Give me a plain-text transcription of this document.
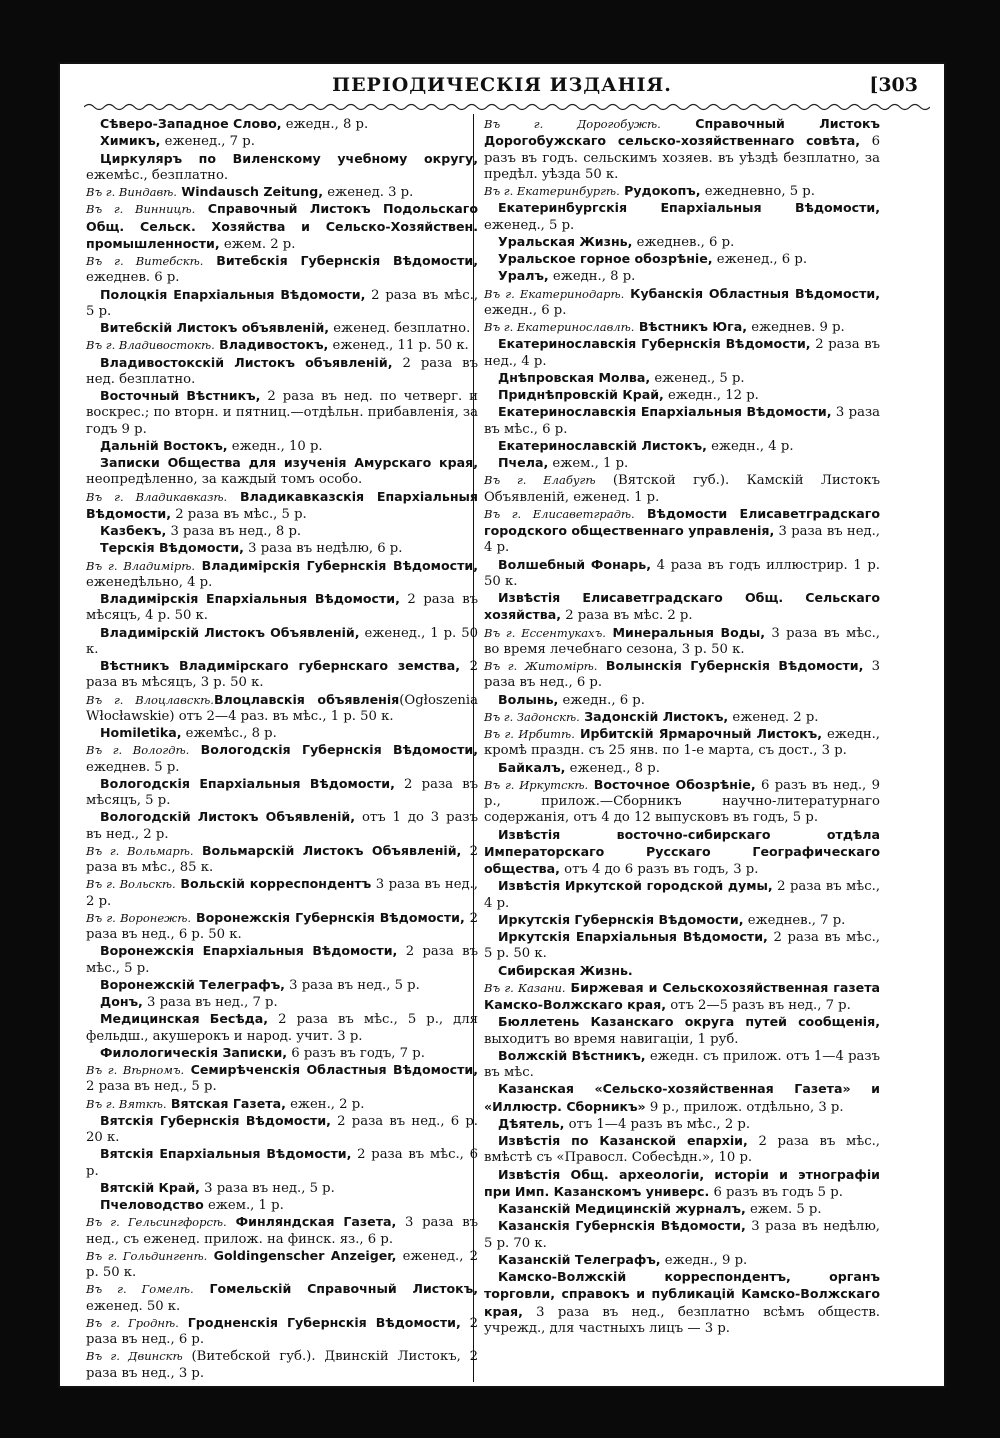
ПЕРІОДИЧЕСКІЯ ИЗДАНІЯ.	[303

Сѣверо-Западное Слово, ежедн., 8 р.

Химикъ, еженед., 7 р.

Циркуляръ по Виленскому учебному округу, ежемѣс., безплатно.

Въ г. Виндавѣ. Windausch Zeitung, еженед. 3 р.

Въ г. Винницѣ. Справочный Листокъ Подольскаго Общ. Сельск. Хозяйства и Сельско-Хозяйствен. промышленности, ежем. 2 р.

Въ г. Витебскѣ. Витебскія Губернскія Вѣдомости, ежеднев. 6 р.

Полоцкія Епархіальныя Вѣдомости, 2 раза въ мѣс., 5 р.

Витебскій Листокъ объявленій, еженед. безплатно.

Въ г. Владивостокѣ. Владивостокъ, еженед., 11 р. 50 к.

Владивостокскій Листокъ объявленій, 2 раза въ нед. безплатно.

Восточный Вѣстникъ, 2 раза въ нед. по четверг. и воскрес.; по вторн. и пятниц.—отдѣльн. прибавленія, за годъ 9 р.

Дальній Востокъ, ежедн., 10 р.

Записки Общества для изученія Амурскаго края, неопредѣленно, за каждый томъ особо.

Въ г. Владикавказѣ. Владикавказскія Епархіальныя Вѣдомости, 2 раза въ мѣс., 5 р.

Казбекъ, 3 раза въ нед., 8 р.

Терскія Вѣдомости, 3 раза въ недѣлю, 6 р.

Въ г. Владимірѣ. Владимірскія Губернскія Вѣдомости, еженедѣльно, 4 р.

Владимірскія Епархіальныя Вѣдомости, 2 раза въ мѣсяцъ, 4 р. 50 к.

Владимірскій Листокъ Объявленій, еженед., 1 р. 50 к.

Вѣстникъ Владимірскаго губернскаго земства, 2 раза въ мѣсяцъ, 3 р. 50 к.

Въ г. Влоцлавскѣ.Влоцлавскія объявленія(Ogłoszenia Włocławskie) отъ 2—4 раз. въ мѣс., 1 р. 50 к.

Homiletika, ежемѣс., 8 р.

Въ г. Вологдѣ. Вологодскія Губернскія Вѣдомости, ежеднев. 5 р.

Вологодскія Епархіальныя Вѣдомости, 2 раза въ мѣсяцъ, 5 р.

Вологодскій Листокъ Объявленій, отъ 1 до 3 разъ въ нед., 2 р.

Въ г. Вольмарѣ. Вольмарскій Листокъ Объявленій, 2 раза въ мѣс., 85 к.

Въ г. Вольскѣ. Вольскій корреспондентъ 3 раза въ нед., 2 р.

Въ г. Воронежѣ. Воронежскія Губернскія Вѣдомости, 2 раза въ нед., 6 р. 50 к.

Воронежскія Епархіальныя Вѣдомости, 2 раза въ мѣс., 5 р.

Воронежскій Телеграфъ, 3 раза въ нед., 5 р.

Донъ, 3 раза въ нед., 7 р.

Медицинская Бесѣда, 2 раза въ мѣс., 5 р., для фельдш., акушерокъ и народ. учит. 3 р.

Филологическія Записки, 6 разъ въ годъ, 7 р.

Въ г. Вѣрномъ. Семирѣченскія Областныя Вѣдомости, 2 раза въ нед., 5 р.

Въ г. Вяткѣ. Вятская Газета, ежен., 2 р.

Вятскія Губернскія Вѣдомости, 2 раза въ нед., 6 р. 20 к.

Вятскія Епархіальныя Вѣдомости, 2 раза въ мѣс., 6 р.

Вятскій Край, 3 раза въ нед., 5 р.

Пчеловодство ежем., 1 р.

Въ г. Гельсингфорсѣ. Финляндская Газета, 3 раза въ нед., съ еженед. прилож. на финск. яз., 6 р.

Въ г. Гольдингенѣ. Goldingenscher Anzeiger, еженед., 2 р. 50 к.

Въ г. Гомелѣ. Гомельскій Справочный Листокъ, еженед. 50 к.

Въ г. Гроднѣ. Гродненскія Губернскія Вѣдомости, 2 раза въ нед., 6 р.

Въ г. Двинскѣ (Витебской губ.). Двинскій Листокъ, 2 раза въ нед., 3 р.

Въ г. Дорогобужѣ. Справочный Листокъ Дорогобужскаго сельско-хозяйственнаго совѣта, 6 разъ въ годъ. сельскимъ хозяев. въ уѣздѣ безплатно, за предѣл. уѣзда 50 к.

Въ г. Екатеринбургѣ. Рудокопъ, ежедневно, 5 р.

Екатеринбургскія Епархіальныя Вѣдомости, еженед., 5 р.

Уральская Жизнь, ежеднев., 6 р.

Уральское горное обозрѣніе, еженед., 6 р.

Уралъ, ежедн., 8 р.

Въ г. Екатеринодарѣ. Кубанскія Областныя Вѣдомости, ежедн., 6 р.

Въ г. Екатеринославлѣ. Вѣстникъ Юга, ежеднев. 9 р.

Екатеринославскія Губернскія Вѣдомости, 2 раза въ нед., 4 р.

Днѣпровская Молва, еженед., 5 р.

Приднѣпровскій Край, ежедн., 12 р.

Екатеринославскія Епархіальныя Вѣдомости, 3 раза въ мѣс., 6 р.

Екатеринославскій Листокъ, ежедн., 4 р.

Пчела, ежем., 1 р.

Въ г. Елабугѣ (Вятской губ.). Камскій Листокъ Объявленій, еженед. 1 р.

Въ г. Елисаветградѣ. Вѣдомости Елисаветградскаго городского общественнаго управленія, 3 раза въ нед., 4 р.

Волшебный Фонарь, 4 раза въ годъ иллюстрир. 1 р. 50 к.

Извѣстія Елисаветградскаго Общ. Сельскаго хозяйства, 2 раза въ мѣс. 2 р.

Въ г. Ессентукахъ. Минеральныя Воды, 3 раза въ мѣс., во время лечебнаго сезона, 3 р. 50 к.

Въ г. Житомірѣ. Волынскія Губернскія Вѣдомости, 3 раза въ нед., 6 р.

Волынь, ежедн., 6 р.

Въ г. Задонскѣ. Задонскій Листокъ, еженед. 2 р.

Въ г. Ирбитѣ. Ирбитскій Ярмарочный Листокъ, ежедн., кромѣ праздн. съ 25 янв. по 1-е марта, съ дост., 3 р.

Байкалъ, еженед., 8 р.

Въ г. Иркутскѣ. Восточное Обозрѣніе, 6 разъ въ нед., 9 р., прилож.—Сборникъ научно-литературнаго содержанія, отъ 4 до 12 выпусковъ въ годъ, 5 р.

Извѣстія восточно-сибирскаго отдѣла Императорскаго Русскаго Географическаго общества, отъ 4 до 6 разъ въ годъ, 3 р.

Извѣстія Иркутской городской думы, 2 раза въ мѣс., 4 р.

Иркутскія Губернскія Вѣдомости, ежеднев., 7 р.

Иркутскія Епархіальныя Вѣдомости, 2 раза въ мѣс., 5 р. 50 к.

Сибирская Жизнь.

Въ г. Казани. Биржевая и Сельскохозяйственная газета Камско-Волжскаго края, отъ 2—5 разъ въ нед., 7 р.

Бюллетень Казанскаго округа путей сообщенія, выходитъ во время навигаціи, 1 руб.

Волжскій Вѣстникъ, ежедн. съ прилож. отъ 1—4 разъ въ мѣс.

Казанская «Сельско-хозяйственная Газета» и «Иллюстр. Сборникъ» 9 р., прилож. отдѣльно, 3 р.

Дѣятель, отъ 1—4 разъ въ мѣс., 2 р.

Извѣстія по Казанской епархіи, 2 раза въ мѣс., вмѣстѣ съ «Правосл. Собесѣдн.», 10 р.

Извѣстія Общ. археологіи, исторіи и этнографіи при Имп. Казанскомъ универс. 6 разъ въ годъ 5 р.

Казанскій Медицинскій журналъ, ежем. 5 р.

Казанскія Губернскія Вѣдомости, 3 раза въ недѣлю, 5 р. 70 к.

Казанскій Телеграфъ, ежедн., 9 р.

Камско-Волжскій корреспондентъ, органъ торговли, справокъ и публикацій Камско-Волжскаго края, 3 раза въ нед., безплатно всѣмъ обществ. учрежд., для частныхъ лицъ — 3 р.
